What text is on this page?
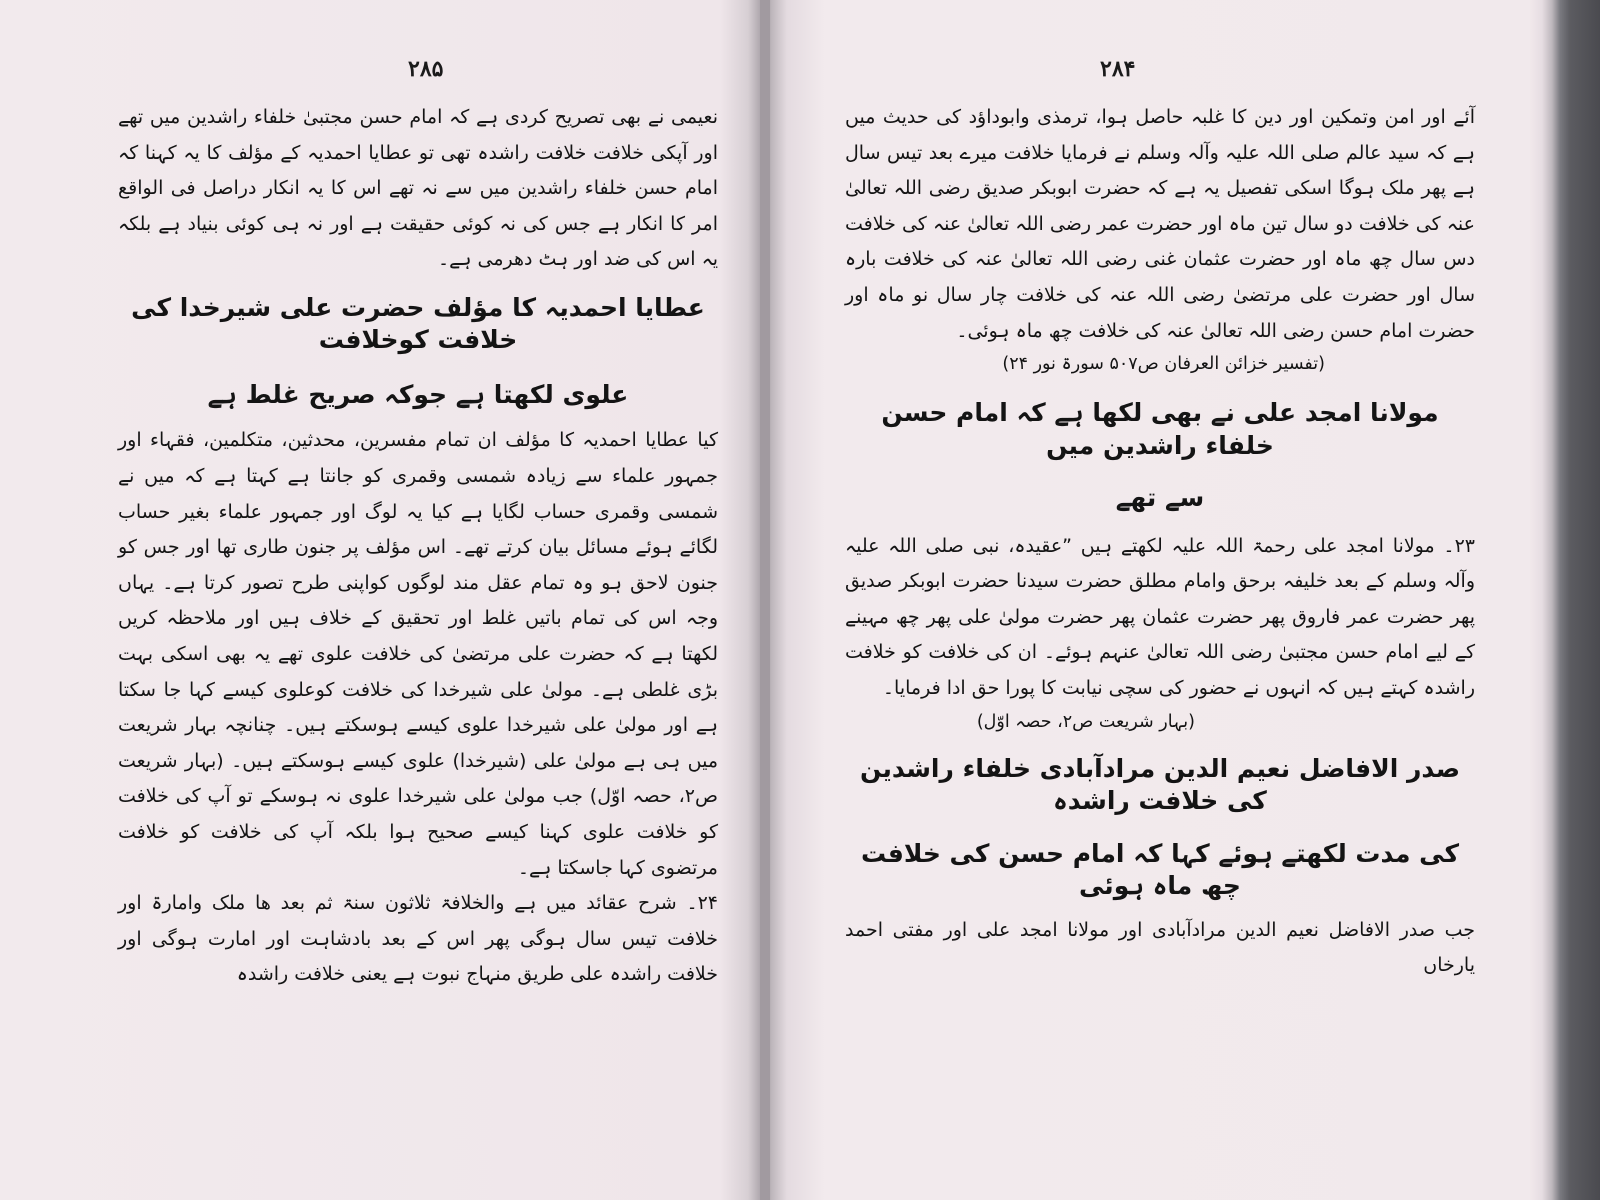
۲۸۵

نعیمی نے بھی تصریح کردی ہے کہ امام حسن مجتبیٰ خلفاء راشدین میں تھے اور آپکی خلافت خلافت راشدہ تھی تو عطایا احمدیہ کے مؤلف کا یہ کہنا کہ امام حسن خلفاء راشدین میں سے نہ تھے اس کا یہ انکار دراصل فی الواقع امر کا انکار ہے جس کی نہ کوئی حقیقت ہے اور نہ ہی کوئی بنیاد ہے بلکہ یہ اس کی ضد اور ہٹ دھرمی ہے۔

عطایا احمدیہ کا مؤلف حضرت علی شیرخدا کی خلافت کوخلافت

علوی لکھتا ہے جوکہ صریح غلط ہے

کیا عطایا احمدیہ کا مؤلف ان تمام مفسرین، محدثین، متکلمین، فقہاء اور جمہور علماء سے زیادہ شمسی وقمری کو جانتا ہے کہتا ہے کہ میں نے شمسی وقمری حساب لگایا ہے کیا یہ لوگ اور جمہور علماء بغیر حساب لگائے ہوئے مسائل بیان کرتے تھے۔ اس مؤلف پر جنون طاری تھا اور جس کو جنون لاحق ہو وہ تمام عقل مند لوگوں کواپنی طرح تصور کرتا ہے۔ یہاں وجہ اس کی تمام باتیں غلط اور تحقیق کے خلاف ہیں اور ملاحظہ کریں لکھتا ہے کہ حضرت علی مرتضیٰ کی خلافت علوی تھے یہ بھی اسکی بہت بڑی غلطی ہے۔ مولیٰ علی شیرخدا کی خلافت کوعلوی کیسے کہا جا سکتا ہے اور مولیٰ علی شیرخدا علوی کیسے ہوسکتے ہیں۔ چنانچہ بہار شریعت میں ہی ہے مولیٰ علی (شیرخدا) علوی کیسے ہوسکتے ہیں۔ (بہار شریعت ص۲، حصہ اوّل) جب مولیٰ علی شیرخدا علوی نہ ہوسکے تو آپ کی خلافت کو خلافت علوی کہنا کیسے صحیح ہوا بلکہ آپ کی خلافت کو خلافت مرتضوی کہا جاسکتا ہے۔

۲۴۔ شرح عقائد میں ہے والخلافۃ ثلاثون سنۃ ثم بعد ھا ملک وامارۃ اور خلافت تیس سال ہوگی پھر اس کے بعد بادشاہت اور امارت ہوگی اور خلافت راشدہ علی طریق منہاج نبوت ہے یعنی خلافت راشدہ

۲۸۴

آئے اور امن وتمکین اور دین کا غلبہ حاصل ہوا، ترمذی وابوداؤد کی حدیث میں ہے کہ سید عالم صلی اللہ علیہ وآلہ وسلم نے فرمایا خلافت میرے بعد تیس سال ہے پھر ملک ہوگا اسکی تفصیل یہ ہے کہ حضرت ابوبکر صدیق رضی اللہ تعالیٰ عنہ کی خلافت دو سال تین ماہ اور حضرت عمر رضی اللہ تعالیٰ عنہ کی خلافت دس سال چھ ماہ اور حضرت عثمان غنی رضی اللہ تعالیٰ عنہ کی خلافت بارہ سال اور حضرت علی مرتضیٰ رضی اللہ عنہ کی خلافت چار سال نو ماہ اور حضرت امام حسن رضی اللہ تعالیٰ عنہ کی خلافت چھ ماہ ہوئی۔

(تفسیر خزائن العرفان ص۵۰۷ سورۃ نور ۲۴)

مولانا امجد علی نے بھی لکھا ہے کہ امام حسن خلفاء راشدین میں

سے تھے

۲۳۔ مولانا امجد علی رحمۃ اللہ علیہ لکھتے ہیں ”عقیدہ، نبی صلی اللہ علیہ وآلہ وسلم کے بعد خلیفہ برحق وامام مطلق حضرت سیدنا حضرت ابوبکر صدیق پھر حضرت عمر فاروق پھر حضرت عثمان پھر حضرت مولیٰ علی پھر چھ مہینے کے لیے امام حسن مجتبیٰ رضی اللہ تعالیٰ عنہم ہوئے۔ ان کی خلافت کو خلافت راشدہ کہتے ہیں کہ انہوں نے حضور کی سچی نیابت کا پورا حق ادا فرمایا۔

(بہار شریعت ص۲، حصہ اوّل)

صدر الافاضل نعیم الدین مرادآبادی خلفاء راشدین کی خلافت راشدہ

کی مدت لکھتے ہوئے کہا کہ امام حسن کی خلافت چھ ماہ ہوئی

جب صدر الافاضل نعیم الدین مرادآبادی اور مولانا امجد علی اور مفتی احمد یارخاں
